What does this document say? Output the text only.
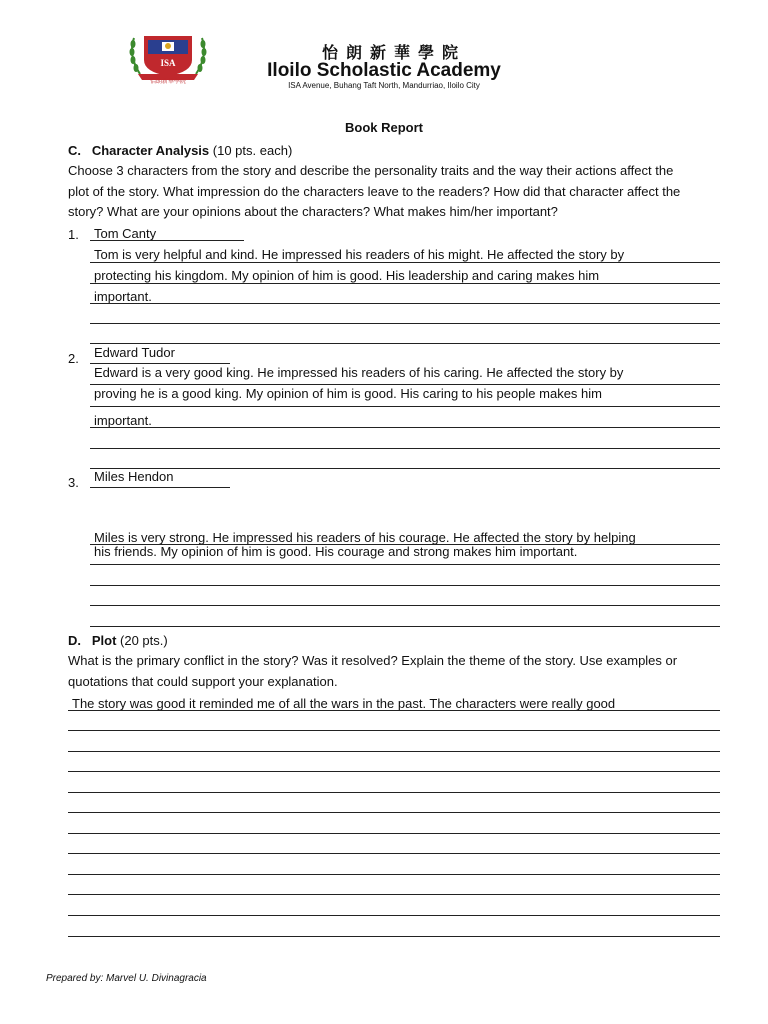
ISA
怡朗新華學院
怡朗新華學院
Iloilo Scholastic Academy
ISA Avenue, Buhang Taft North, Mandurriao, Iloilo City
Book Report
C. Character Analysis (10 pts. each)
Choose 3 characters from the story and describe the personality traits and the way their actions affect the
plot of the story. What impression do the characters leave to the readers? How did that character affect the
story? What are your opinions about the characters? What makes him/her important?
1. Tom Canty
Tom is very helpful and kind. He impressed his readers of his might. He affected the story by
protecting his kingdom. My opinion of him is good. His leadership and caring makes him
important.
Edward Tudor
2.
Edward is a very good king. He impressed his readers of his caring. He affected the story by
proving he is a good king. My opinion of him is good. His caring to his people makes him
important.
Miles Hendon
3.
Miles is very strong. He impressed his readers of his courage. He affected the story by helping
his friends. My opinion of him is good. His courage and strong makes him important.
D. Plot (20 pts.)
What is the primary conflict in the story? Was it resolved? Explain the theme of the story. Use examples or
quotations that could support your explanation.
The story was good it reminded me of all the wars in the past. The characters were really good
Prepared by: Marvel U. Divinagracia
